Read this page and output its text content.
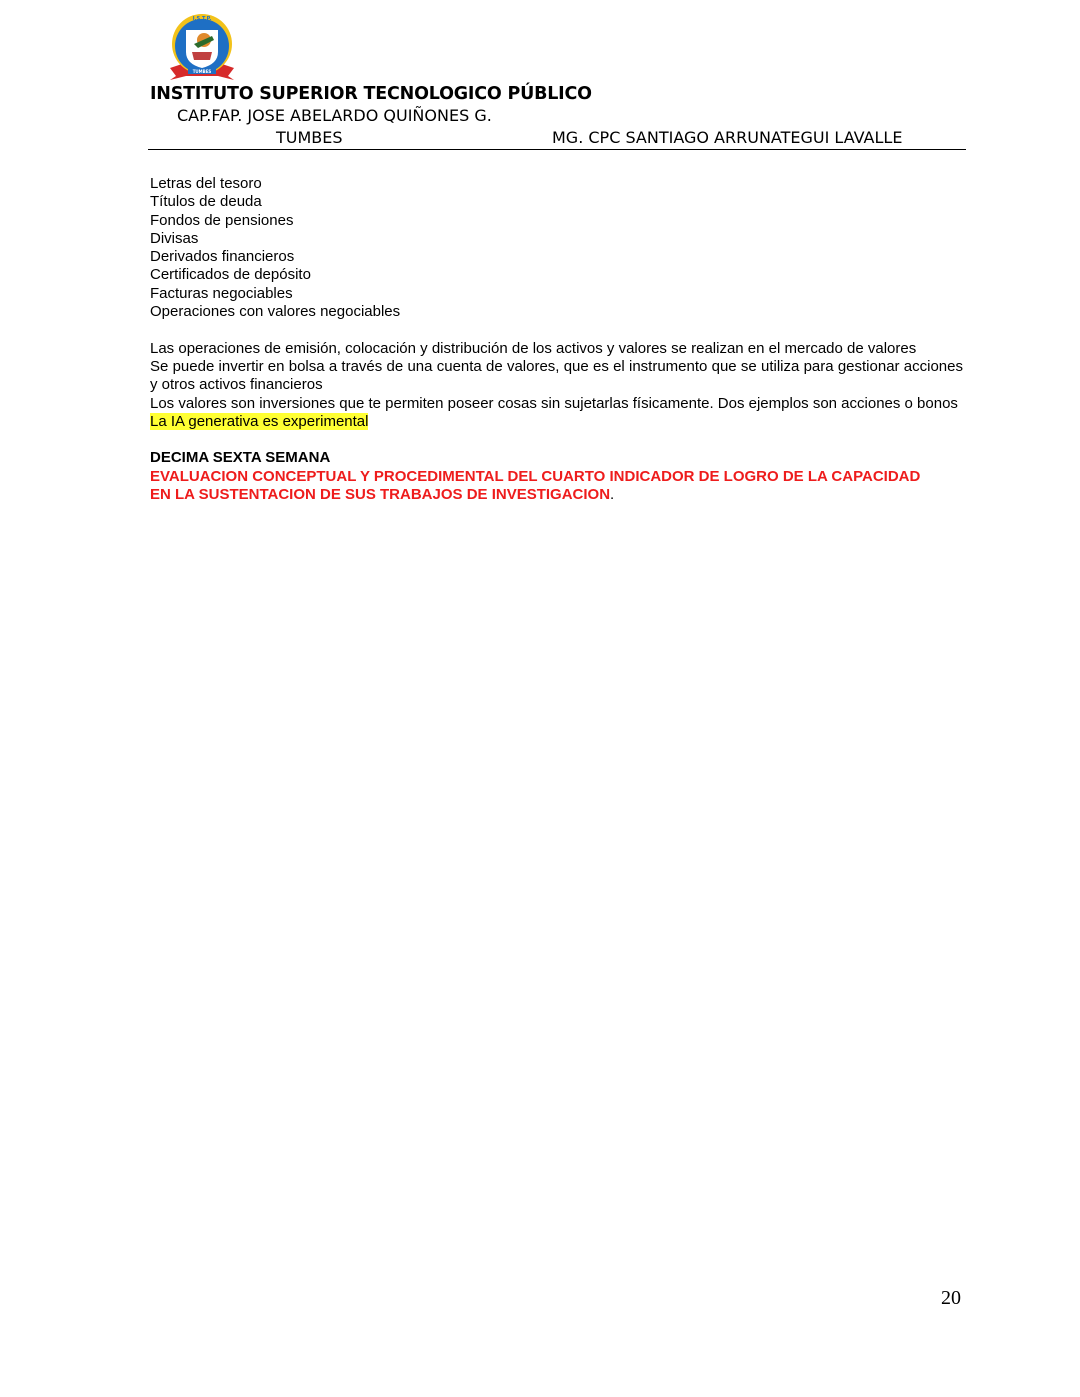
I.S.T.P.
TUMBES
INSTITUTO SUPERIOR TECNOLOGICO PÚBLICO
CAP.FAP. JOSE ABELARDO QUIÑONES G.
TUMBES	MG. CPC SANTIAGO ARRUNATEGUI LAVALLE
Letras del tesoro
Títulos de deuda
Fondos de pensiones
Divisas
Derivados financieros
Certificados de depósito
Facturas negociables
Operaciones con valores negociables
Las operaciones de emisión, colocación y distribución de los activos y valores se realizan en el mercado de valores
Se puede invertir en bolsa a través de una cuenta de valores, que es el instrumento que se utiliza para gestionar acciones y otros activos financieros
Los valores son inversiones que te permiten poseer cosas sin sujetarlas físicamente. Dos ejemplos son acciones o bonos
La IA generativa es experimental
DECIMA SEXTA SEMANA
EVALUACION CONCEPTUAL Y PROCEDIMENTAL DEL CUARTO INDICADOR DE LOGRO DE LA CAPACIDAD
EN LA SUSTENTACION DE SUS TRABAJOS DE INVESTIGACION.
20
